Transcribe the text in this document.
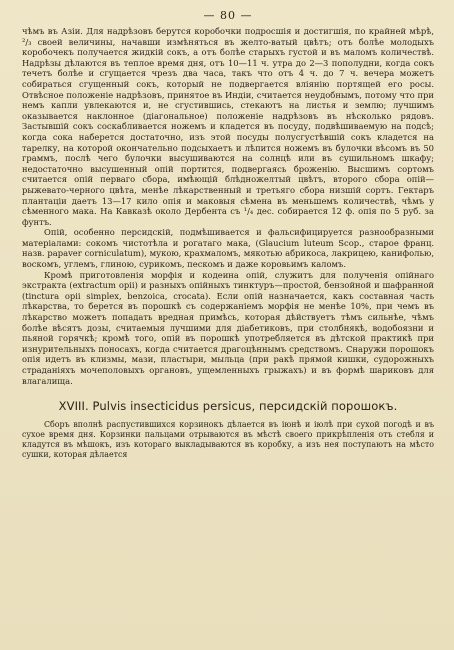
— 80 —

чѣмъ въ Азіи. Для надрѣзовъ берутся коробочки подросшія и достигшія, по крайней мѣрѣ, ²/₃ своей величины, начавши измѣняться въ желто-ватый цвѣтъ; отъ болѣе молодыхъ коробочекъ получается жидкій сокъ, а отъ болѣе старыхъ густой и въ маломъ количествѣ. Надрѣзы дѣлаются въ теплое время дня, отъ 10—11 ч. утра до 2—3 пополудни, когда сокъ течетъ болѣе и сгущается чрезъ два часа, такъ что отъ 4 ч. до 7 ч. вечера можетъ собираться сгущенный сокъ, который не подвергается вліянію портящей его росы. Отвѣсное положеніе надрѣзовъ, принятое въ Индіи, считается неудобнымъ, потому что при немъ капли увлекаются и, не сгустившись, стекаютъ на листья и землю; лучшимъ оказывается наклонное (діагональное) положеніе надрѣзовъ въ нѣсколько рядовъ. Застывшій сокъ соскабливается ножемъ и кладется въ посуду, подвѣшиваемую на подсѣ; когда сока наберется достаточно, изъ этой посуды полусгустѣвшій сокъ кладется на тарелку, на которой окончательно подсыхаетъ и лѣпится ножемъ въ булочки вѣсомъ въ 50 граммъ, послѣ чего булочки высушиваются на солнцѣ или въ сушильномъ шкафу; недостаточно высушенный опій портится, подвергаясь броженію. Высшимъ сортомъ считается опій перваго сбора, имѣющій блѣдножелтый цвѣтъ, второго сбора опій—рыжевато-черного цвѣта, менѣе лѣкарственный и третьяго сбора низшій сортъ. Гектаръ плантаціи даетъ 13—17 кило опія и маковыя сѣмена въ меньшемъ количествѣ, чѣмъ у сѣменного мака. На Кавказѣ около Дербента съ ¹/₄ дес. собирается 12 ф. опія по 5 руб. за фунтъ.

Опій, особенно персидскій, подмѣшивается и фальсифицируется разнообразными матеріалами: сокомъ чистотѣла и рогатаго мака, (Glaucium luteum Scop., старое франц. назв. papaver corniculatum), мукою, крахмаломъ, мякотью абрикоса, лакрицею, канифолью, воскомъ, углемъ, глиною, сурикомъ, пескомъ и даже коровьимъ каломъ.

Кромѣ приготовленія морфія и кодеина опій, служитъ для полученія опійнаго экстракта (extractum opii) и разныхъ опійныхъ тинктуръ—простой, бензойной и шафранной (tinctura opii simplex, benzoica, crocata). Если опій назначается, какъ составная часть лѣкарства, то берется въ порошкѣ съ содержаніемъ морфія не менѣе 10%, при чемъ въ лѣкарство можетъ попадать вредная примѣсь, которая дѣйствуетъ тѣмъ сильнѣе, чѣмъ болѣе вѣсятъ дозы, считаемыя лучшими для діабетиковъ, при столбнякѣ, водобоязни и пьяной горячкѣ; кромѣ того, опій въ порошкѣ употребляется въ дѣтской практикѣ при изнурительныхъ поносахъ, когда считается драгоцѣннымъ средствомъ. Снаружи порошокъ опія идетъ въ клизмы, мази, пластыри, мыльца (при ракѣ прямой кишки, судорожныхъ страданіяхъ мочеполовыхъ органовъ, ущемленныхъ грыжахъ) и въ формѣ шариковъ для влагалища.

XVIII. Pulvis insecticidus persicus, персидскій порошокъ.

Сборъ вполнѣ распустившихся корзинокъ дѣлается въ іюнѣ и іюлѣ при сухой погодѣ и въ сухое время дня. Корзинки пальцами отрываются въ мѣстѣ своего прикрѣпленія отъ стебля и кладутся въ мѣшокъ, изъ котораго выкладываются въ коробку, а изъ нея поступаютъ на мѣсто сушки, которая дѣлается
